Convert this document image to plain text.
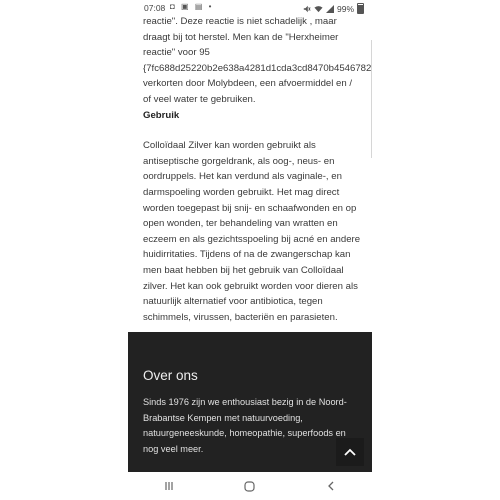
07:08 ◘ ▣ ▤ •	99%

reactie". Deze reactie is niet schadelijk , maar

draagt bij tot herstel. Men kan de "Herxheimer

reactie" voor 95

{7fc688d25220b2e638a4281d1cda3cd8470b4546782

verkorten door Molybdeen, een afvoermiddel en /

of veel water te gebruiken.

Gebruik

Colloïdaal Zilver kan worden gebruikt als

antiseptische gorgeldrank, als oog-, neus- en

oordruppels. Het kan verdund als vaginale-, en

darmspoeling worden gebruikt. Het mag direct

worden toegepast bij snij- en schaafwonden en op

open wonden, ter behandeling van wratten en

eczeem en als gezichtsspoeling bij acné en andere

huidirritaties. Tijdens of na de zwangerschap kan

men baat hebben bij het gebruik van Colloïdaal

zilver. Het kan ook gebruikt worden voor dieren als

natuurlijk alternatief voor antibiotica, tegen

schimmels, virussen, bacteriën en parasieten.

Over ons

Sinds 1976 zijn we enthousiast bezig in de Noord-

Brabantse Kempen met natuurvoeding,

natuurgeneeskunde, homeopathie, superfoods en

nog veel meer.
